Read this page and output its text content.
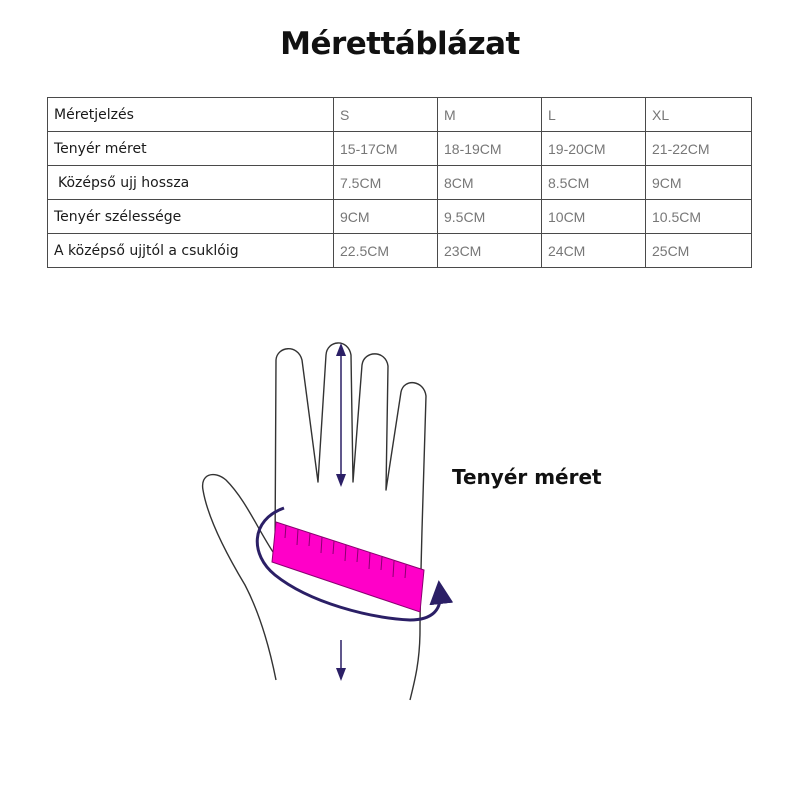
Mérettáblázat
Méretjelzés	S	M	L	XL
Tenyér méret	15-17CM	18-19CM	19-20CM	21-22CM
Középső ujj hossza	7.5CM	8CM	8.5CM	9CM
Tenyér szélessége	9CM	9.5CM	10CM	10.5CM
A középső ujjtól a csuklóig	22.5CM	23CM	24CM	25CM
Tenyér méret
